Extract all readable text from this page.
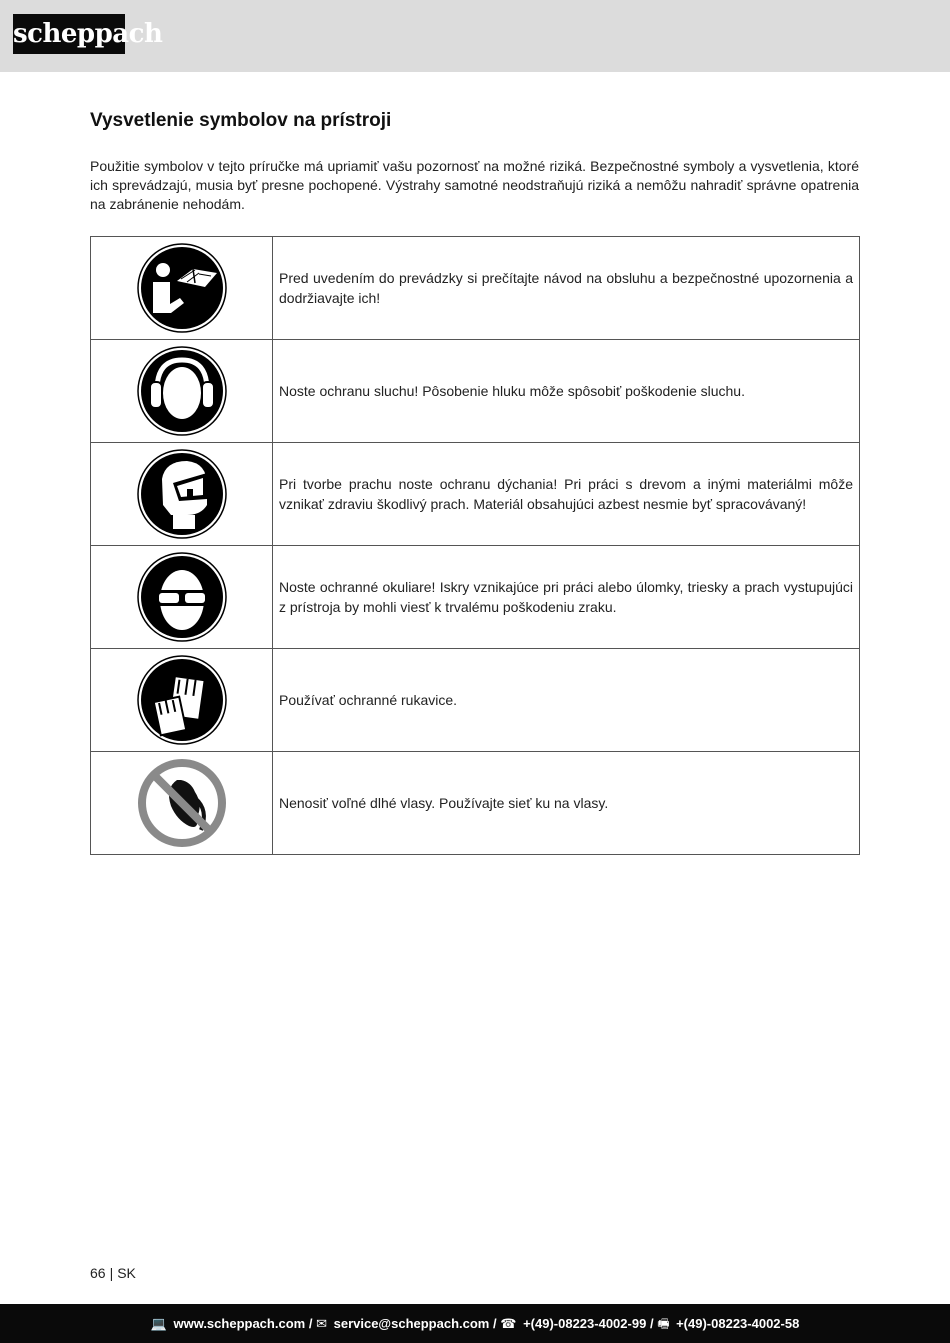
scheppach
Vysvetlenie symbolov na prístroji

Použitie symbolov v tejto príručke má upriamiť vašu pozornosť na možné riziká. Bezpečnostné symboly a vysvetlenia, ktoré ich sprevádzajú, musia byť presne pochopené. Výstrahy samotné neodstraňujú riziká a nemôžu nahradiť správne opatrenia na zabránenie nehodám.

	Pred uvedením do prevádzky si prečítajte návod na obsluhu a bezpečnostné upozornenia a dodržiavajte ich!

	Noste ochranu sluchu! Pôsobenie hluku môže spôsobiť poškodenie sluchu.

	Pri tvorbe prachu noste ochranu dýchania! Pri práci s drevom a inými materiálmi môže vznikať zdraviu škodlivý prach. Materiál obsahujúci azbest nesmie byť spracovávaný!

	Noste ochranné okuliare! Iskry vznikajúce pri práci alebo úlomky, triesky a prach vystupujúci z prístroja by mohli viesť k trvalému poškodeniu zraku.

	Používať ochranné rukavice.

	Nenosiť voľné dlhé vlasy. Používajte sieť ku na vlasy.
66 | SK
💻 www.scheppach.com / ✉ service@scheppach.com / ☎ +(49)-08223-4002-99 / 🖷 +(49)-08223-4002-58
